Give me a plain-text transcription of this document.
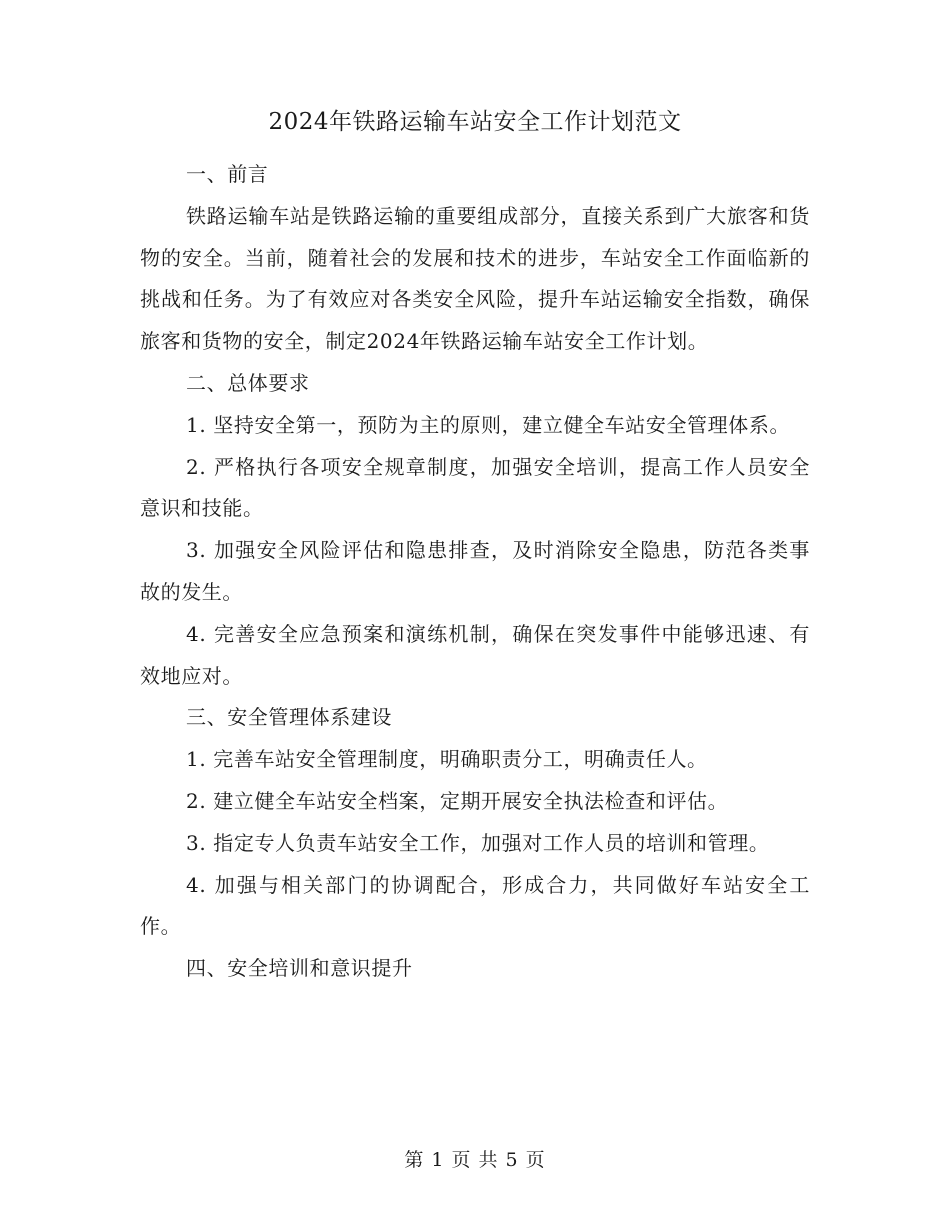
2024年铁路运输车站安全工作计划范文

一、前言

铁路运输车站是铁路运输的重要组成部分，直接关系到广大旅客和货物的安全。当前，随着社会的发展和技术的进步，车站安全工作面临新的挑战和任务。为了有效应对各类安全风险，提升车站运输安全指数，确保旅客和货物的安全，制定2024年铁路运输车站安全工作计划。

二、总体要求

1. 坚持安全第一，预防为主的原则，建立健全车站安全管理体系。

2. 严格执行各项安全规章制度，加强安全培训，提高工作人员安全意识和技能。

3. 加强安全风险评估和隐患排查，及时消除安全隐患，防范各类事故的发生。

4. 完善安全应急预案和演练机制，确保在突发事件中能够迅速、有效地应对。

三、安全管理体系建设

1. 完善车站安全管理制度，明确职责分工，明确责任人。

2. 建立健全车站安全档案，定期开展安全执法检查和评估。

3. 指定专人负责车站安全工作，加强对工作人员的培训和管理。

4. 加强与相关部门的协调配合，形成合力，共同做好车站安全工作。

四、安全培训和意识提升

第 1 页 共 5 页
